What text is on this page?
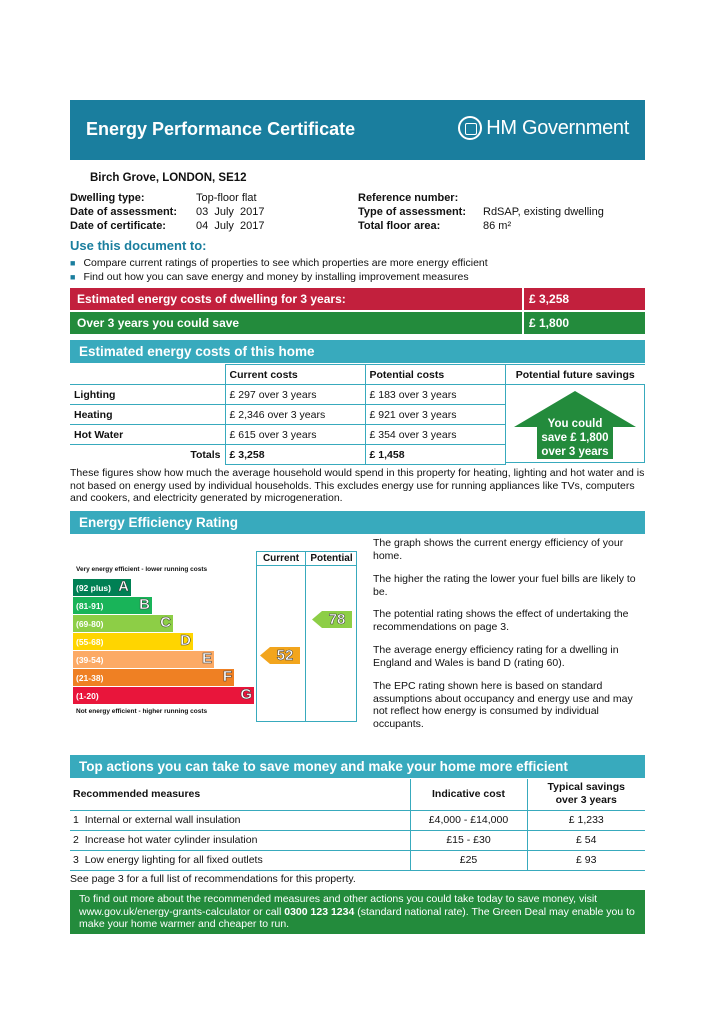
Energy Performance Certificate	HM Government
Birch Grove, LONDON, SE12
Dwelling type:	Top-floor flat
Date of assessment: 03  July  2017
Date of certificate:	04  July  2017
Reference number:
Type of assessment: RdSAP, existing dwelling
Total floor area:	86 m²
Use this document to:
■ Compare current ratings of properties to see which properties are more energy efficient
■ Find out how you can save energy and money by installing improvement measures
Estimated energy costs of dwelling for 3 years:	£ 3,258
Over 3 years you could save	£ 1,800
Estimated energy costs of this home
	Current costs	Potential costs	Potential future savings
Lighting	£ 297 over 3 years	£ 183 over 3 years	
Heating	£ 2,346 over 3 years	£ 921 over 3 years	
Hot Water	£ 615 over 3 years	£ 354 over 3 years	
Totals	£ 3,258	£ 1,458	
You could
save £ 1,800
over 3 years
These figures show how much the average household would spend in this property for heating, lighting and hot water and is not based on energy used by individual households. This excludes energy use for running appliances like TVs, computers and cookers, and electricity generated by microgeneration.
Energy Efficiency Rating
Current	Potential
Very energy efficient - lower running costs
(92 plus) A
(81-91) B
(69-80)	C
(55-68)	D
(39-54)	E
(21-38)	F
(1-20)	G
Not energy efficient - higher running costs
52
78
The graph shows the current energy efficiency of your home.
The higher the rating the lower your fuel bills are likely to be.
The potential rating shows the effect of undertaking the recommendations on page 3.
The average energy efficiency rating for a dwelling in England and Wales is band D (rating 60).
The EPC rating shown here is based on standard assumptions about occupancy and energy use and may not reflect how energy is consumed by individual occupants.
Top actions you can take to save money and make your home more efficient
Recommended measures	Indicative cost	Typical savings
over 3 years

1 Internal or external wall insulation	£4,000 - £14,000	£ 1,233
2 Increase hot water cylinder insulation	£15 - £30	£ 54
3 Low energy lighting for all fixed outlets	£25	£ 93
See page 3 for a full list of recommendations for this property.
To find out more about the recommended measures and other actions you could take today to save money, visit www.gov.uk/energy-grants-calculator or call 0300 123 1234 (standard national rate). The Green Deal may enable you to make your home warmer and cheaper to run.
